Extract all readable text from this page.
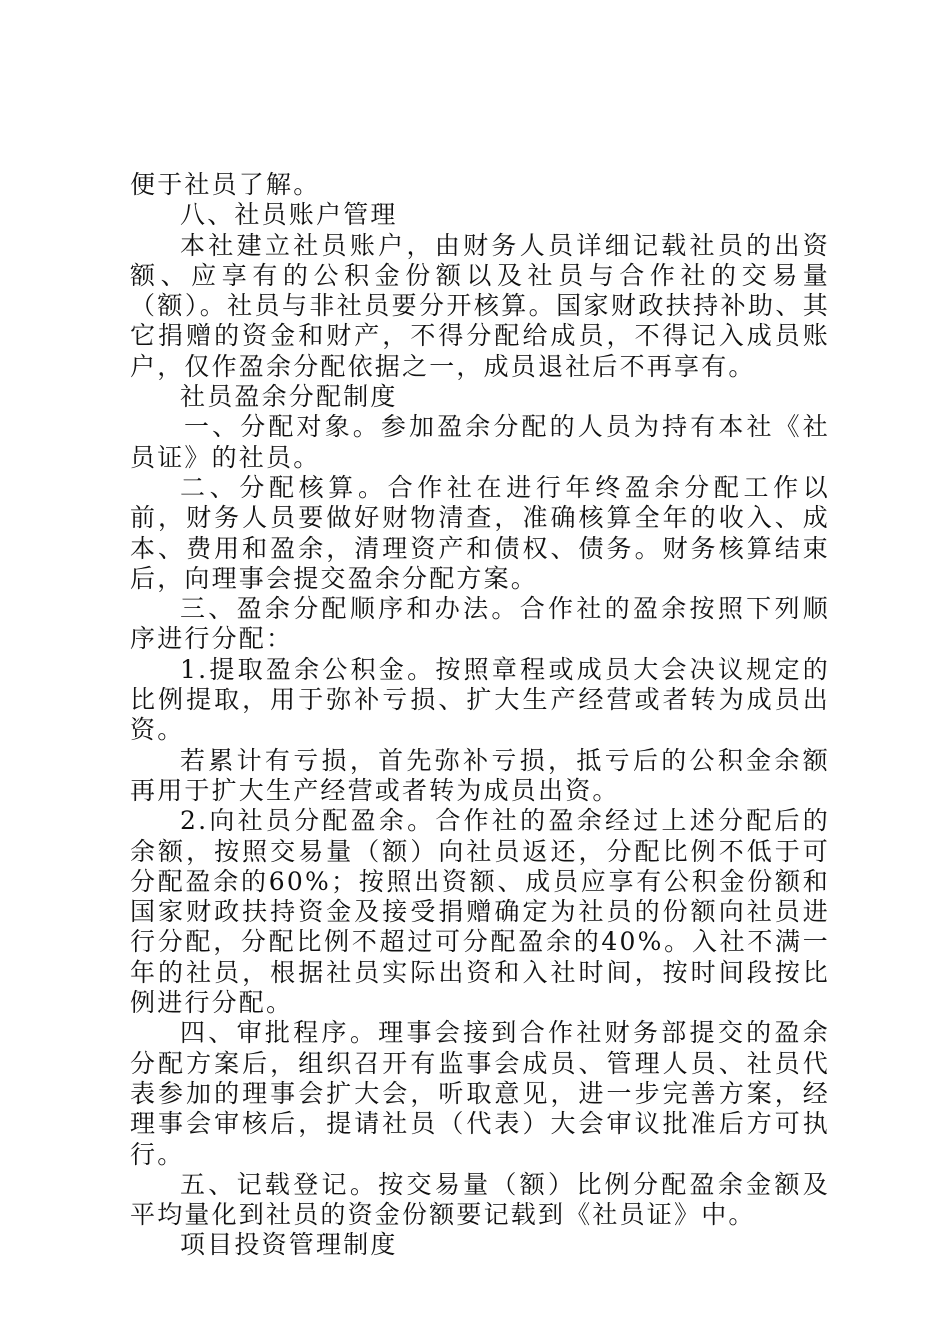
便于社员了解。

八、社员账户管理

本社建立社员账户，由财务人员详细记载社员的出资额、应享有的公积金份额以及社员与合作社的交易量（额）。社员与非社员要分开核算。国家财政扶持补助、其它捐赠的资金和财产，不得分配给成员，不得记入成员账户，仅作盈余分配依据之一，成员退社后不再享有。

社员盈余分配制度

一、分配对象。参加盈余分配的人员为持有本社《社员证》的社员。

二、分配核算。合作社在进行年终盈余分配工作以前，财务人员要做好财物清查，准确核算全年的收入、成本、费用和盈余，清理资产和债权、债务。财务核算结束后，向理事会提交盈余分配方案。

三、盈余分配顺序和办法。合作社的盈余按照下列顺序进行分配：

1.提取盈余公积金。按照章程或成员大会决议规定的比例提取，用于弥补亏损、扩大生产经营或者转为成员出资。

若累计有亏损，首先弥补亏损，抵亏后的公积金余额再用于扩大生产经营或者转为成员出资。

2.向社员分配盈余。合作社的盈余经过上述分配后的余额，按照交易量（额）向社员返还，分配比例不低于可分配盈余的60%；按照出资额、成员应享有公积金份额和国家财政扶持资金及接受捐赠确定为社员的份额向社员进行分配，分配比例不超过可分配盈余的40%。入社不满一年的社员，根据社员实际出资和入社时间，按时间段按比例进行分配。

四、审批程序。理事会接到合作社财务部提交的盈余分配方案后，组织召开有监事会成员、管理人员、社员代表参加的理事会扩大会，听取意见，进一步完善方案，经理事会审核后，提请社员（代表）大会审议批准后方可执行。

五、记载登记。按交易量（额）比例分配盈余金额及平均量化到社员的资金份额要记载到《社员证》中。

项目投资管理制度
